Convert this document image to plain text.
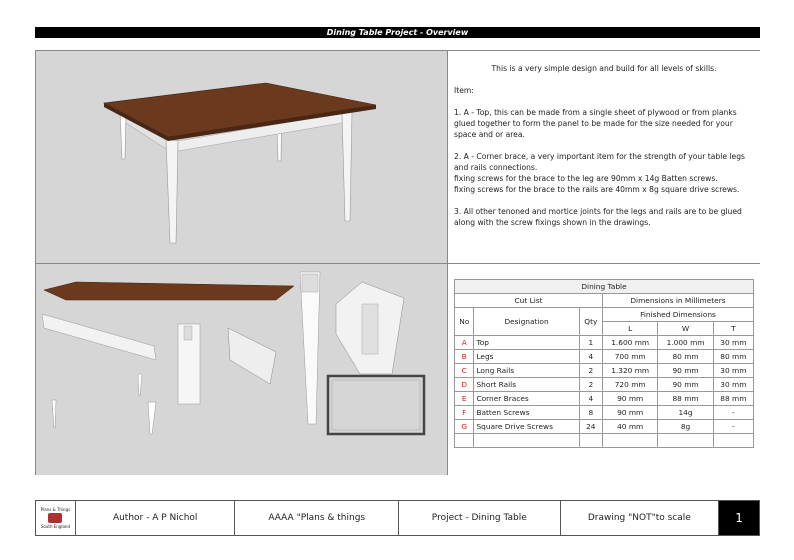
Dining Table Project - Overview

This is a very simple design and build for all levels of skills.

Item:

1. A - Top, this can be made from a single sheet of plywood or from planks glued together to form the panel to be made for the size needed for your space and or area.

2. A - Corner brace, a very important item for the strength of your table legs and rails connections.

fixing screws for the brace to the leg are 90mm x 14g Batten screws.

fixing screws for the brace to the rails are 40mm x 8g square drive screws.

3. All other tenoned and mortice joints for the legs and rails are to be glued along with the screw fixings shown in the drawings.

Dining Table					
Cut List			Dimensions in Millimeters		
No	Designation	Qty	Finished Dimensions		
			L	W	T
A	Top	1	1.600 mm	1.000 mm	30 mm
B	Legs	4	700 mm	80 mm	80 mm
C	Long Rails	2	1.320 mm	90 mm	30 mm
D	Short Rails	2	720 mm	90 mm	30 mm
E	Corner Braces	4	90 mm	88 mm	88 mm
F	Batten Screws	8	90 mm	14g	-
G	Square Drive Screws	24	40 mm	8g	-

Plans & Things
South England
Author - A P Nichol	AAAA "Plans & things	Project - Dining Table	Drawing "NOT"to scale	1
